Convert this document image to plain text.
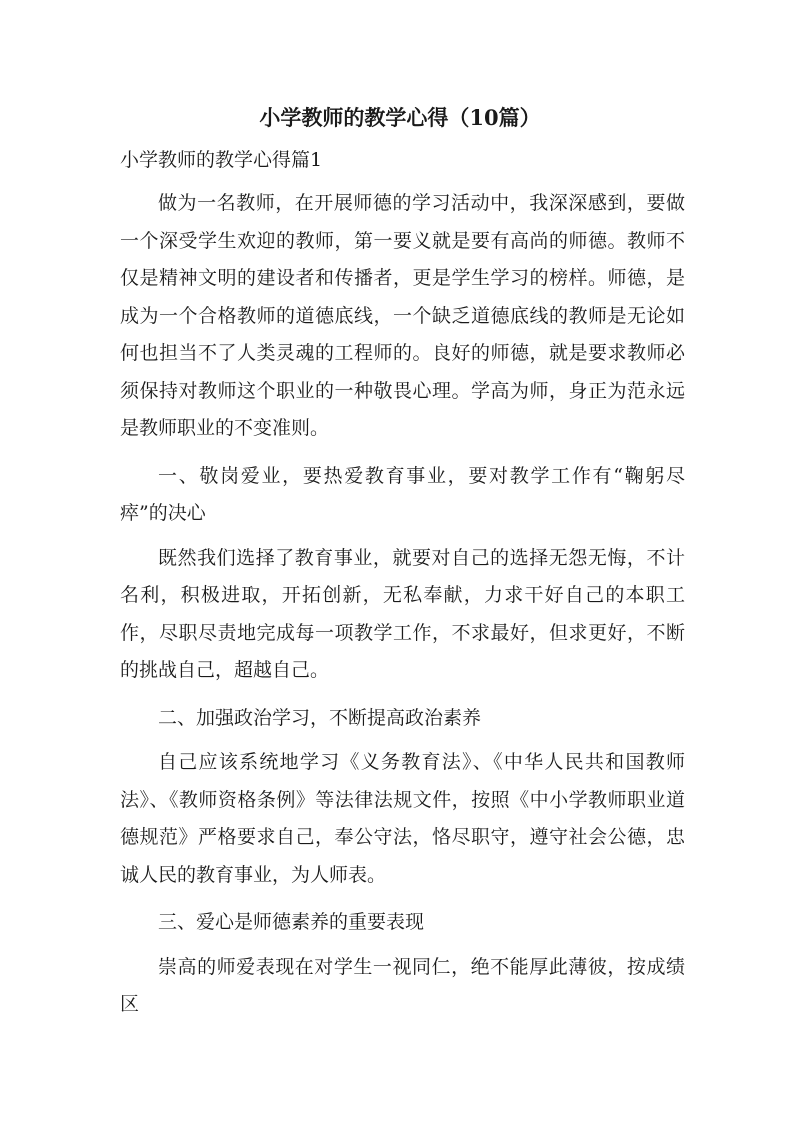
小学教师的教学心得（10篇）

小学教师的教学心得篇1

做为一名教师，在开展师德的学习活动中，我深深感到，要做一个深受学生欢迎的教师，第一要义就是要有高尚的师德。教师不仅是精神文明的建设者和传播者，更是学生学习的榜样。师德，是成为一个合格教师的道德底线，一个缺乏道德底线的教师是无论如何也担当不了人类灵魂的工程师的。良好的师德，就是要求教师必须保持对教师这个职业的一种敬畏心理。学高为师，身正为范永远是教师职业的不变准则。

一、敬岗爱业，要热爱教育事业，要对教学工作有“鞠躬尽瘁”的决心

既然我们选择了教育事业，就要对自己的选择无怨无悔，不计名利，积极进取，开拓创新，无私奉献，力求干好自己的本职工作，尽职尽责地完成每一项教学工作，不求最好，但求更好，不断的挑战自己，超越自己。

二、加强政治学习，不断提高政治素养

自己应该系统地学习《义务教育法》、《中华人民共和国教师法》、《教师资格条例》等法律法规文件，按照《中小学教师职业道德规范》严格要求自己，奉公守法，恪尽职守，遵守社会公德，忠诚人民的教育事业，为人师表。

三、爱心是师德素养的重要表现

崇高的师爱表现在对学生一视同仁，绝不能厚此薄彼，按成绩区
